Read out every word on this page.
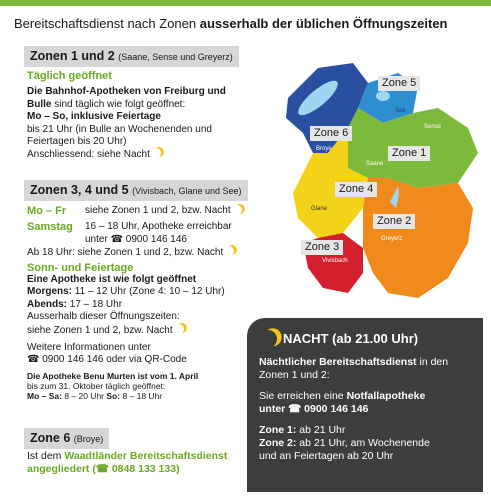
Bereitschaftsdienst nach Zonen ausserhalb der üblichen Öffnungszeiten
Zonen 1 und 2 (Saane, Sense und Greyerz)
Täglich geöffnet
Die Bahnhof-Apotheken von Freiburg und
Bulle sind täglich wie folgt geöffnet:
Mo – So, inklusive Feiertage
bis 21 Uhr (in Bulle an Wochenenden und
Feiertagen bis 20 Uhr)
Anschliessend: siehe Nacht
Zonen 3, 4 und 5 (Vivisbach, Glane und See)
Mo – Fr	siehe Zonen 1 und 2, bzw. Nacht
Samstag	16 – 18 Uhr, Apotheke erreichbar
unter ☎ 0900 146 146
Ab 18 Uhr: siehe Zonen 1 und 2, bzw. Nacht
Sonn- und Feiertage
Eine Apotheke ist wie folgt geöffnet
Morgens: 11 – 12 Uhr (Zone 4: 10 – 12 Uhr)
Abends: 17 – 18 Uhr
Ausserhalb dieser Öffnungszeiten:
siehe Zonen 1 und 2, bzw. Nacht
Weitere Informationen unter
☎ 0900 146 146 oder via QR-Code
Die Apotheke Benu Murten ist vom 1. April
bis zum 31. Oktober täglich geöffnet:
Mo – Sa: 8 – 20 Uhr So: 8 – 18 Uhr
Zone 6 (Broye)
Ist dem Waadtländer Bereitschaftsdienst
angegliedert (☎ 0848 133 133)
Zone 5
Zone 6
Zone 1
Zone 4
Zone 2
Zone 3
See
Sense
Broye
Saane
Glane
Greyerz
Vivisbach
NACHT (ab 21.00 Uhr)

Nächtlicher Bereitschaftsdienst in den Zonen 1 und 2:

Sie erreichen eine Notfallapotheke
unter ☎ 0900 146 146

Zone 1: ab 21 Uhr
Zone 2: ab 21 Uhr, am Wochenende
und an Feiertagen ab 20 Uhr
